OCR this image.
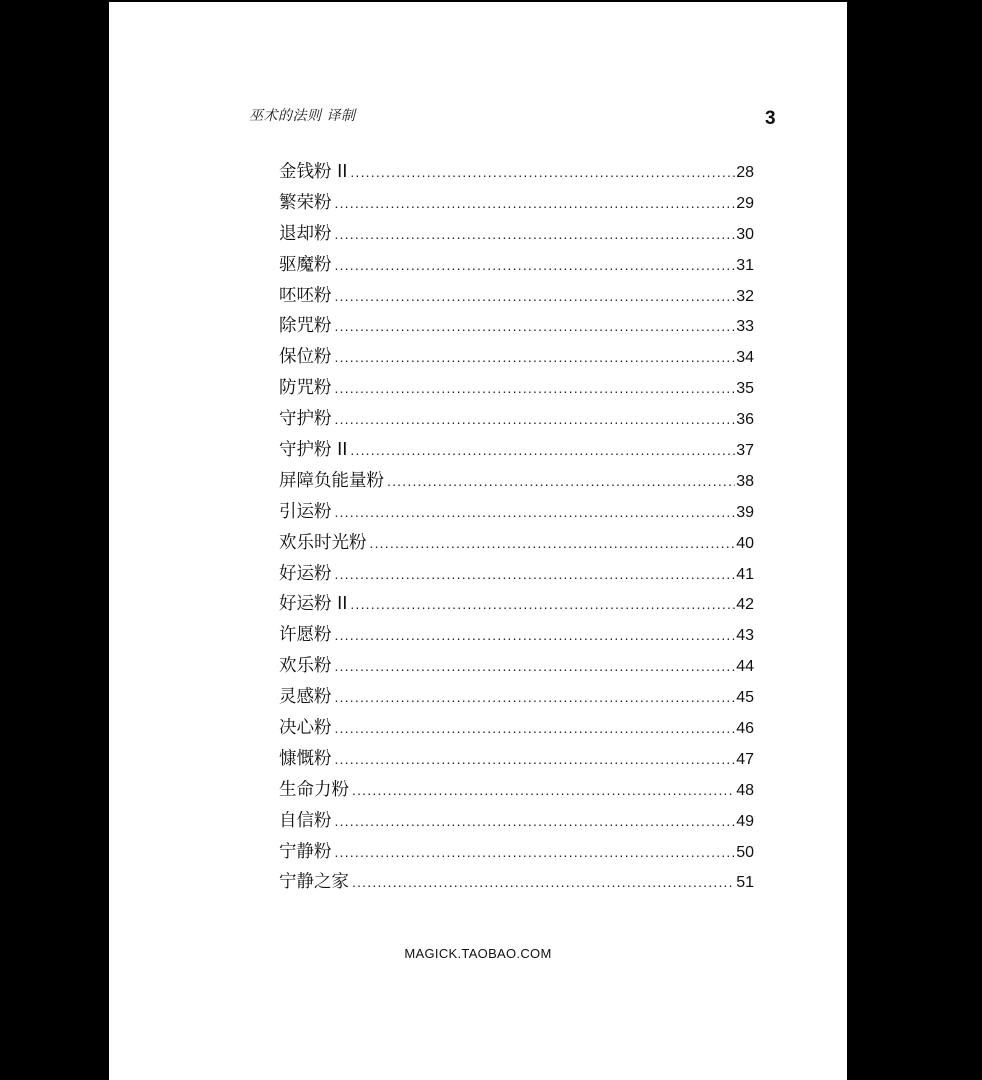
巫术的法则 译制	3
金钱粉 II .....	28
繁荣粉 .....	29
退却粉 .....	30
驱魔粉 .....	31
呸呸粉 .....	32
除咒粉 .....	33
保位粉 .....	34
防咒粉 .....	35
守护粉 .....	36
守护粉 II .....	37
屏障负能量粉 .....	38
引运粉 .....	39
欢乐时光粉 .....	40
好运粉 .....	41
好运粉 II .....	42
许愿粉 .....	43
欢乐粉 .....	44
灵感粉 .....	45
决心粉 .....	46
慷慨粉 .....	47
生命力粉 .....	48
自信粉 .....	49
宁静粉 .....	50
宁静之家 .....	51
MAGICK.TAOBAO.COM
